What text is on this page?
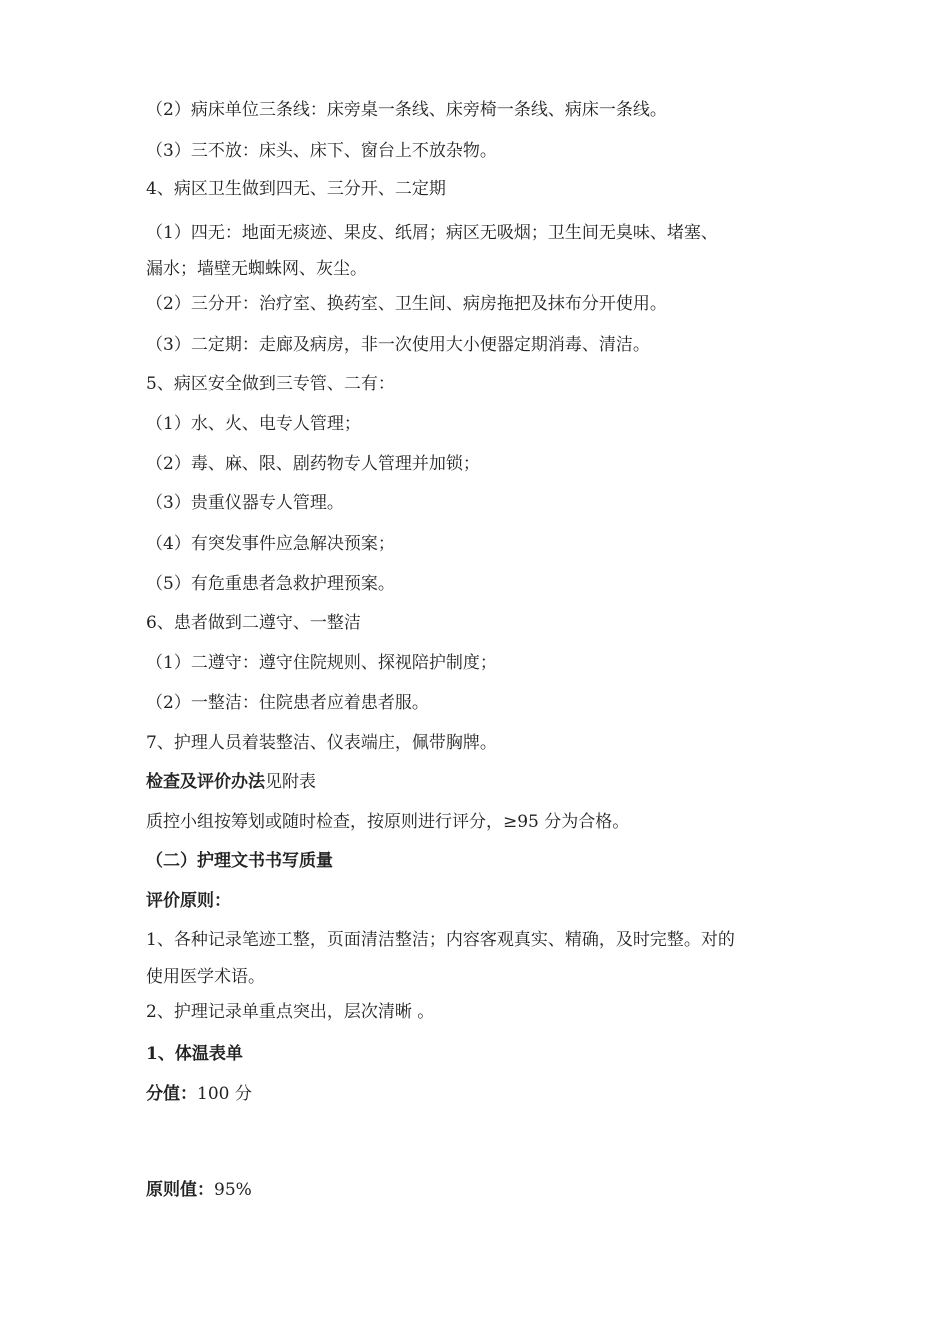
（2）病床单位三条线：床旁桌一条线、床旁椅一条线、病床一条线。
（3）三不放：床头、床下、窗台上不放杂物。
4、病区卫生做到四无、三分开、二定期
（1）四无：地面无痰迹、果皮、纸屑；病区无吸烟；卫生间无臭味、堵塞、
漏水；墙壁无蜘蛛网、灰尘。
（2）三分开：治疗室、换药室、卫生间、病房拖把及抹布分开使用。
（3）二定期：走廊及病房，非一次使用大小便器定期消毒、清洁。
5、病区安全做到三专管、二有：
（1）水、火、电专人管理；
（2）毒、麻、限、剧药物专人管理并加锁；
（3）贵重仪器专人管理。
（4）有突发事件应急解决预案；
（5）有危重患者急救护理预案。
6、患者做到二遵守、一整洁
（1）二遵守：遵守住院规则、探视陪护制度；
（2）一整洁：住院患者应着患者服。
7、护理人员着装整洁、仪表端庄，佩带胸牌。
检查及评价办法见附表
质控小组按筹划或随时检查，按原则进行评分，≥95 分为合格。
（二）护理文书书写质量
评价原则：
1、各种记录笔迹工整，页面清洁整洁；内容客观真实、精确，及时完整。对的
使用医学术语。
2、护理记录单重点突出，层次清晰 。
1、体温表单
分值：100 分
原则值：95%
